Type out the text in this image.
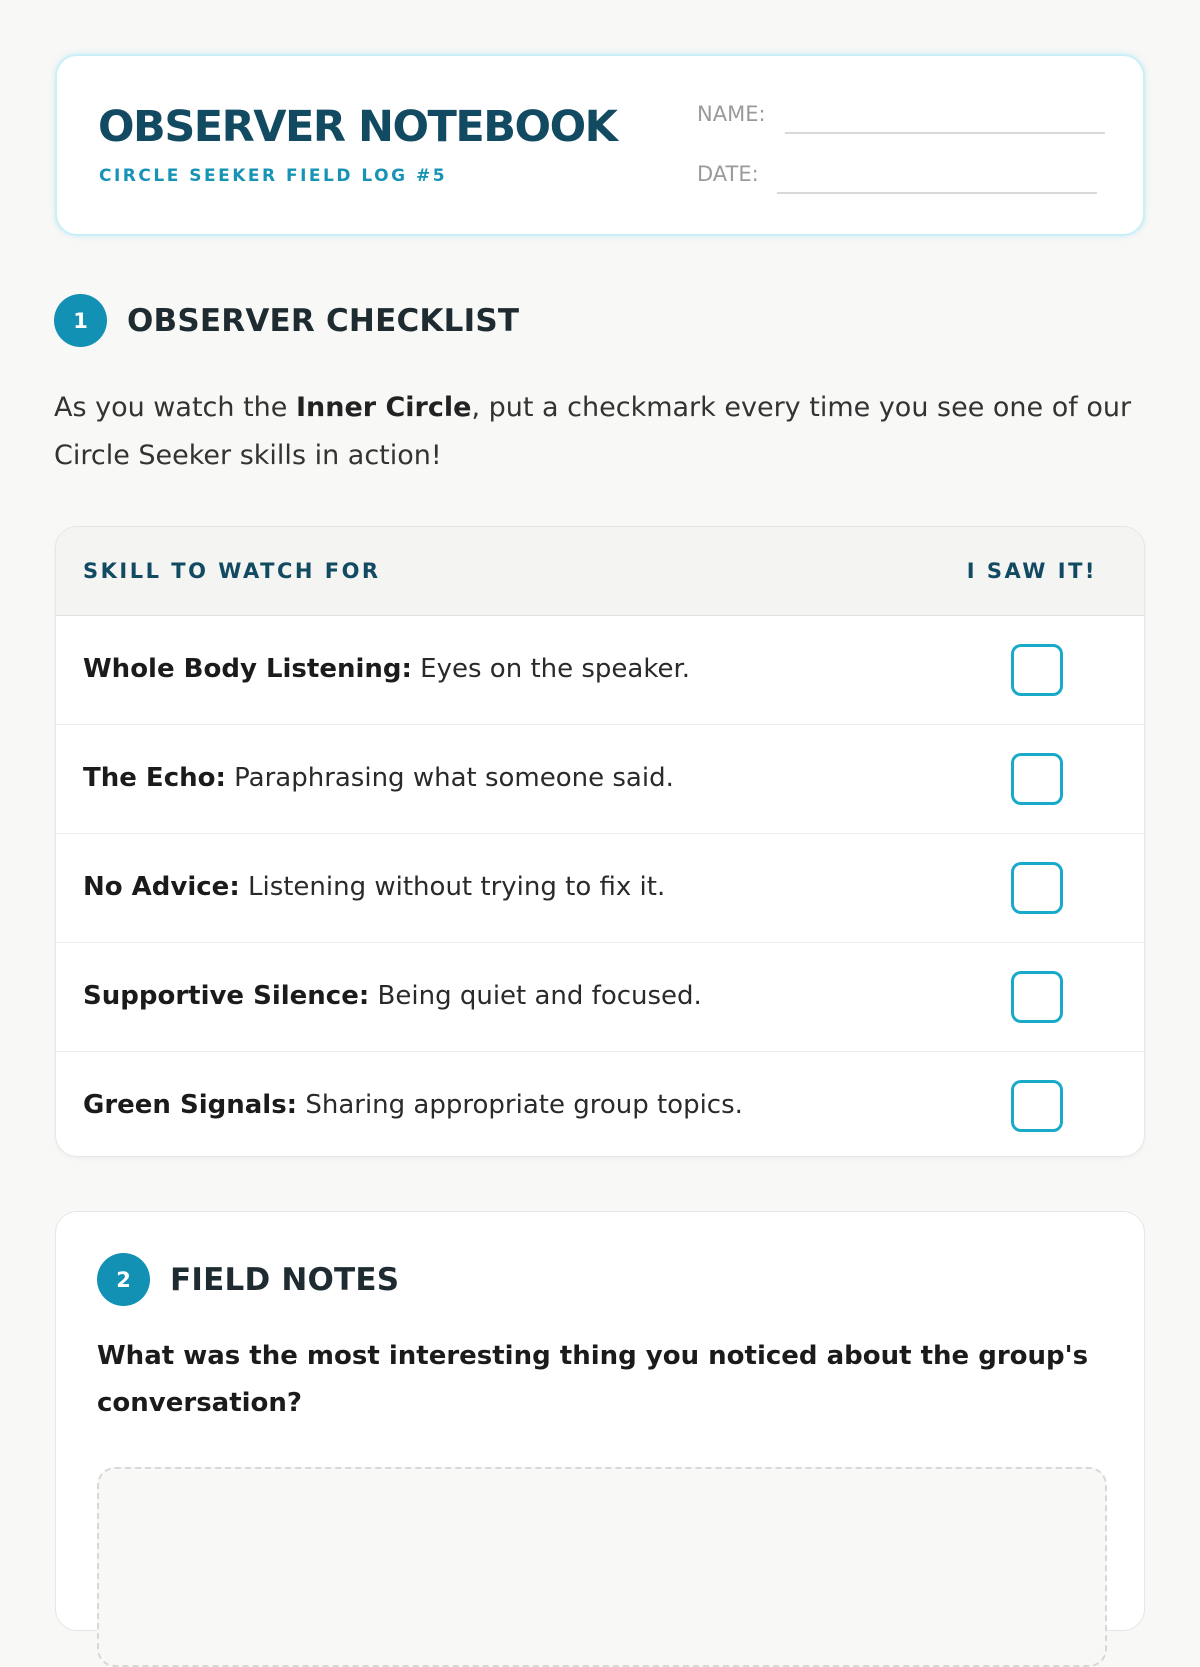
OBSERVER NOTEBOOK
CIRCLE SEEKER FIELD LOG #5
NAME:
DATE:
1	OBSERVER CHECKLIST

As you watch the Inner Circle, put a checkmark every time you see one of our Circle Seeker skills in action!

SKILL TO WATCH FOR	I SAW IT!
Whole Body Listening: Eyes on the speaker.
The Echo: Paraphrasing what someone said.
No Advice: Listening without trying to fix it.
Supportive Silence: Being quiet and focused.
Green Signals: Sharing appropriate group topics.
2	FIELD NOTES

What was the most interesting thing you noticed about the group's conversation?
